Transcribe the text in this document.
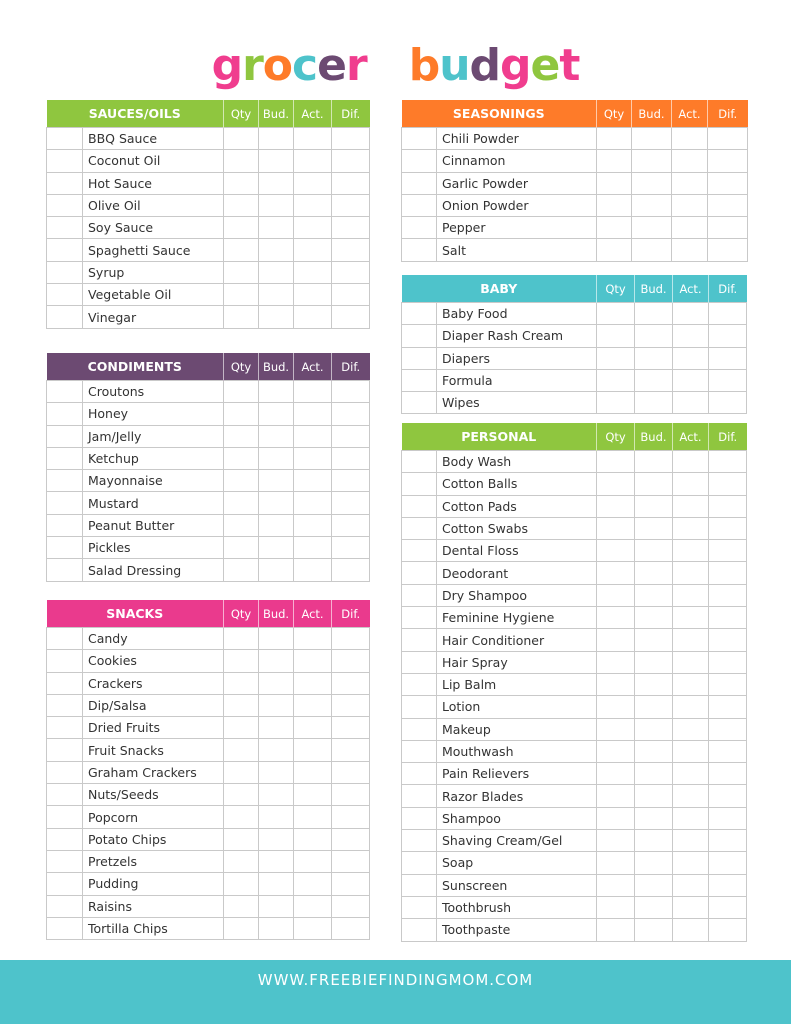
grocery budget
SAUCES/OILS		Qty	Bud.	Act.	Dif.
	BBQ Sauce				
	Coconut Oil				
	Hot Sauce				
	Olive Oil				
	Soy Sauce				
	Spaghetti Sauce				
	Syrup				
	Vegetable Oil				
	Vinegar				
CONDIMENTS		Qty	Bud.	Act.	Dif.
	Croutons				
	Honey				
	Jam/Jelly				
	Ketchup				
	Mayonnaise				
	Mustard				
	Peanut Butter				
	Pickles				
	Salad Dressing				
SNACKS		Qty	Bud.	Act.	Dif.
	Candy				
	Cookies				
	Crackers				
	Dip/Salsa				
	Dried Fruits				
	Fruit Snacks				
	Graham Crackers				
	Nuts/Seeds				
	Popcorn				
	Potato Chips				
	Pretzels				
	Pudding				
	Raisins				
	Tortilla Chips				
SEASONINGS		Qty	Bud.	Act.	Dif.
	Chili Powder				
	Cinnamon				
	Garlic Powder				
	Onion Powder				
	Pepper				
	Salt				
BABY		Qty	Bud.	Act.	Dif.
	Baby Food				
	Diaper Rash Cream				
	Diapers				
	Formula				
	Wipes				
PERSONAL		Qty	Bud.	Act.	Dif.
	Body Wash				
	Cotton Balls				
	Cotton Pads				
	Cotton Swabs				
	Dental Floss				
	Deodorant				
	Dry Shampoo				
	Feminine Hygiene				
	Hair Conditioner				
	Hair Spray				
	Lip Balm				
	Lotion				
	Makeup				
	Mouthwash				
	Pain Relievers				
	Razor Blades				
	Shampoo				
	Shaving Cream/Gel				
	Soap				
	Sunscreen				
	Toothbrush				
	Toothpaste				
WWW.FREEBIEFINDINGMOM.COM
